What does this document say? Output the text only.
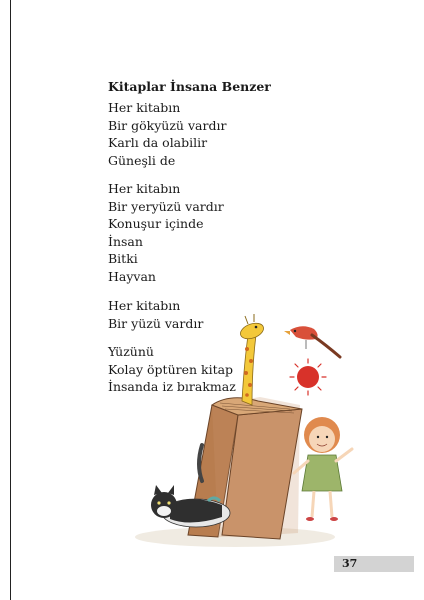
Kitaplar İnsana Benzer
Her kitabın
Bir gökyüzü vardır
Karlı da olabilir
Güneşli de
Her kitabın
Bir yeryüzü vardır
Konuşur içinde
İnsan
Bitki
Hayvan
Her kitabın
Bir yüzü vardır
Yüzünü
Kolay öptüren kitap
İnsanda iz bırakmaz
37
